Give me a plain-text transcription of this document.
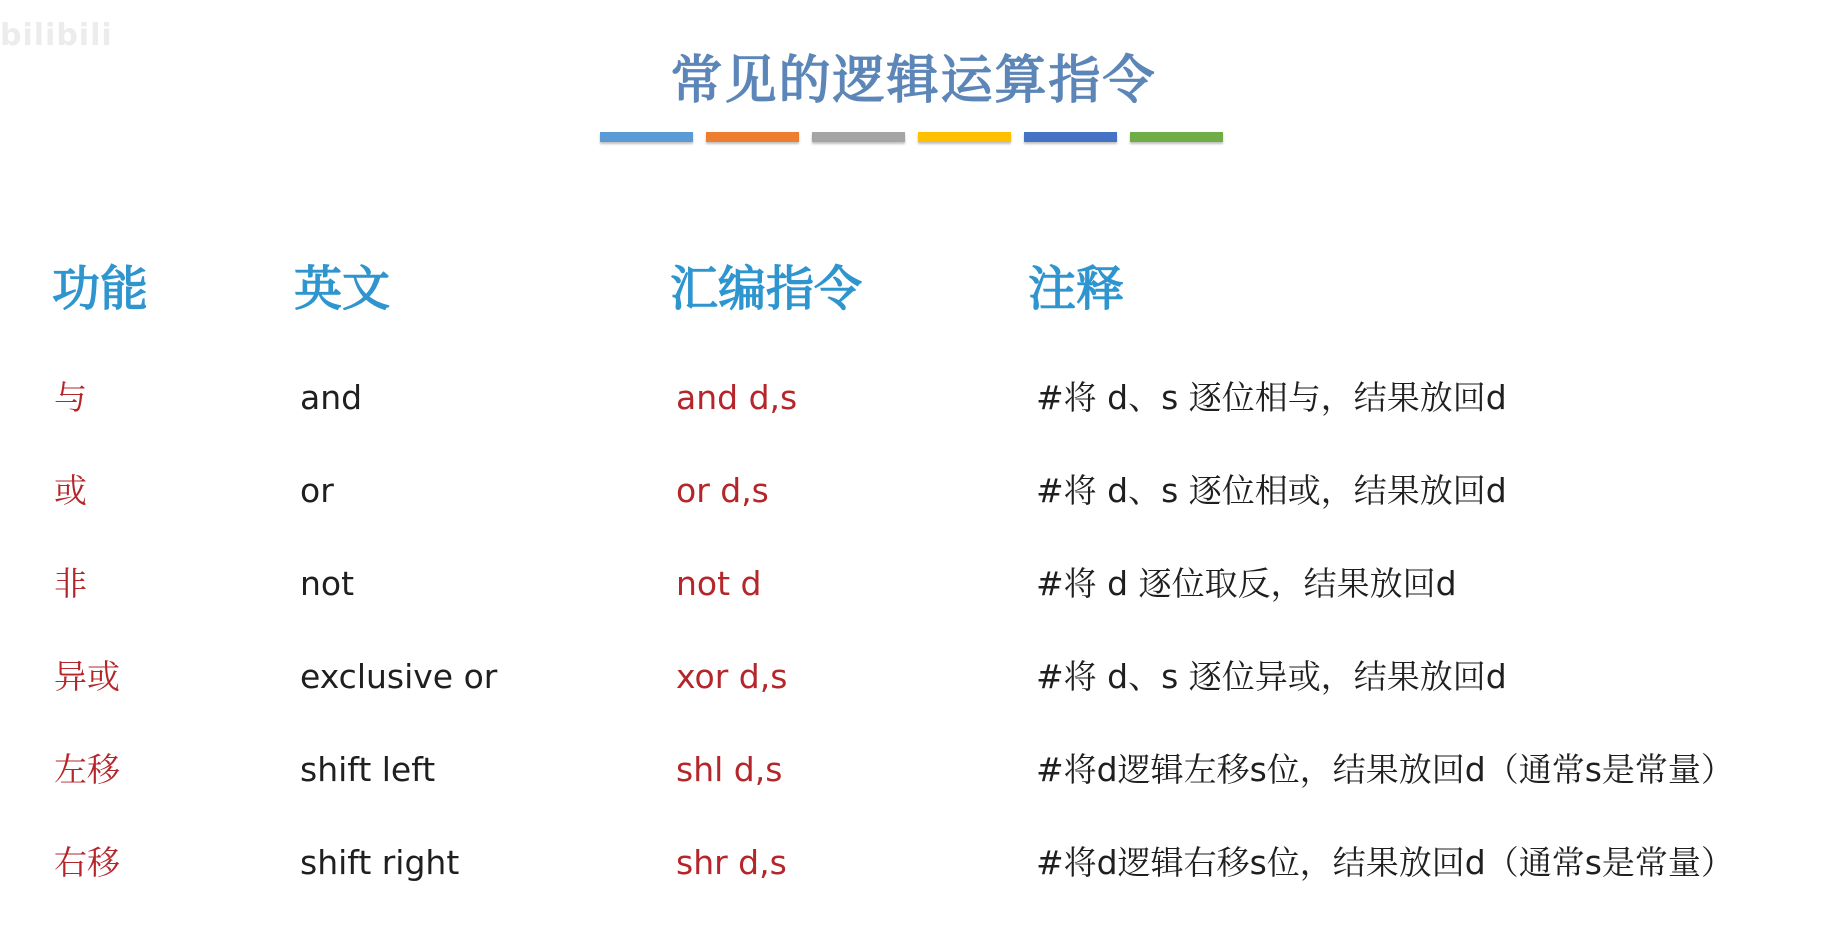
bilibili
常见的逻辑运算指令
功能	英文	汇编指令	注释
与	and	and d,s	#将 d、s 逐位相与，结果放回d
或	or	or d,s	#将 d、s 逐位相或，结果放回d
非	not	not d	#将 d 逐位取反，结果放回d
异或	exclusive or	xor d,s	#将 d、s 逐位异或，结果放回d
左移	shift left	shl d,s	#将d逻辑左移s位，结果放回d（通常s是常量）
右移	shift right	shr d,s	#将d逻辑右移s位，结果放回d（通常s是常量）
